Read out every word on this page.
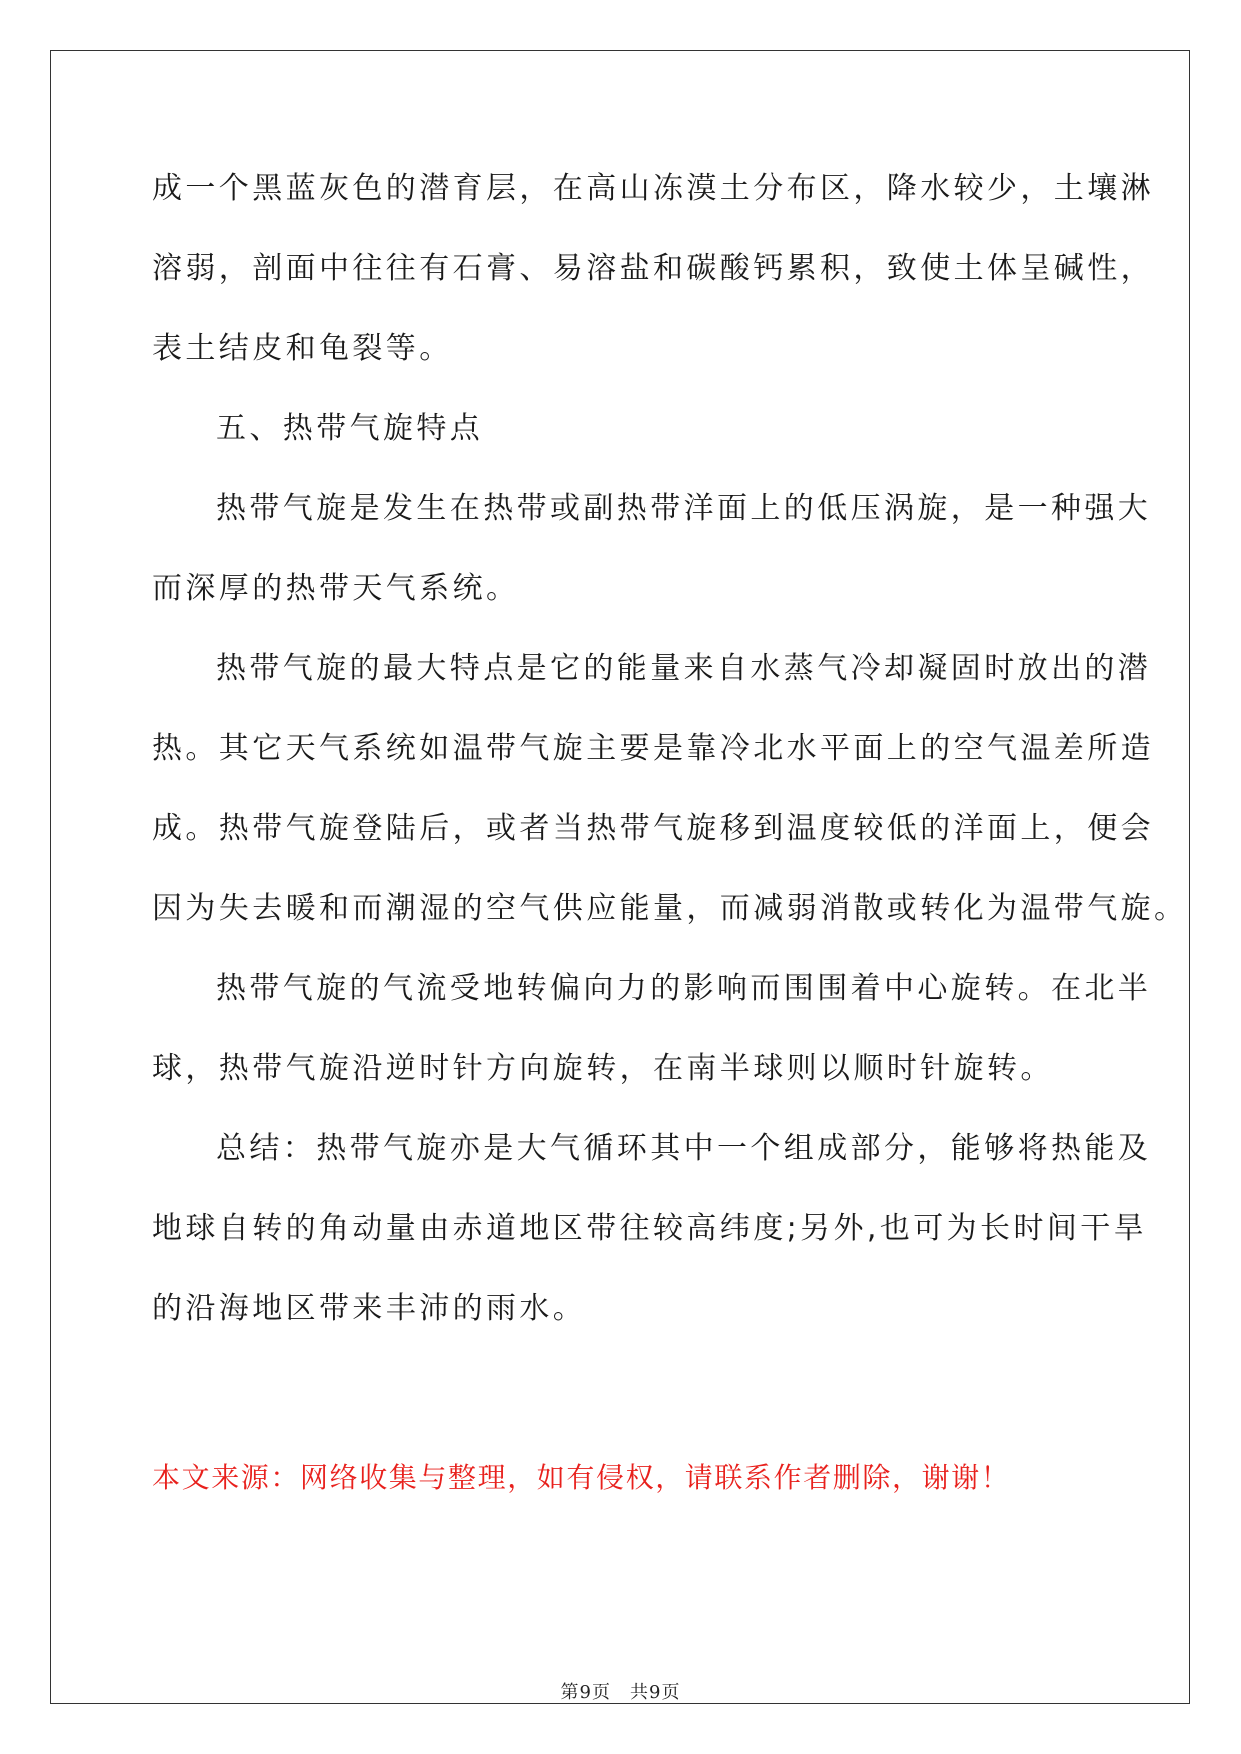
成一个黑蓝灰色的潜育层，在高山冻漠土分布区，降水较少，土壤淋
溶弱，剖面中往往有石膏、易溶盐和碳酸钙累积，致使土体呈碱性，
表土结皮和龟裂等。
五、热带气旋特点
热带气旋是发生在热带或副热带洋面上的低压涡旋，是一种强大
而深厚的热带天气系统。
热带气旋的最大特点是它的能量来自水蒸气冷却凝固时放出的潜
热。其它天气系统如温带气旋主要是靠冷北水平面上的空气温差所造
成。热带气旋登陆后，或者当热带气旋移到温度较低的洋面上，便会
因为失去暖和而潮湿的空气供应能量，而减弱消散或转化为温带气旋。
热带气旋的气流受地转偏向力的影响而围围着中心旋转。在北半
球，热带气旋沿逆时针方向旋转，在南半球则以顺时针旋转。
总结：热带气旋亦是大气循环其中一个组成部分，能够将热能及
地球自转的角动量由赤道地区带往较高纬度;另外,也可为长时间干旱
的沿海地区带来丰沛的雨水。
本文来源：网络收集与整理，如有侵权，请联系作者删除，谢谢！
第9页　共9页
